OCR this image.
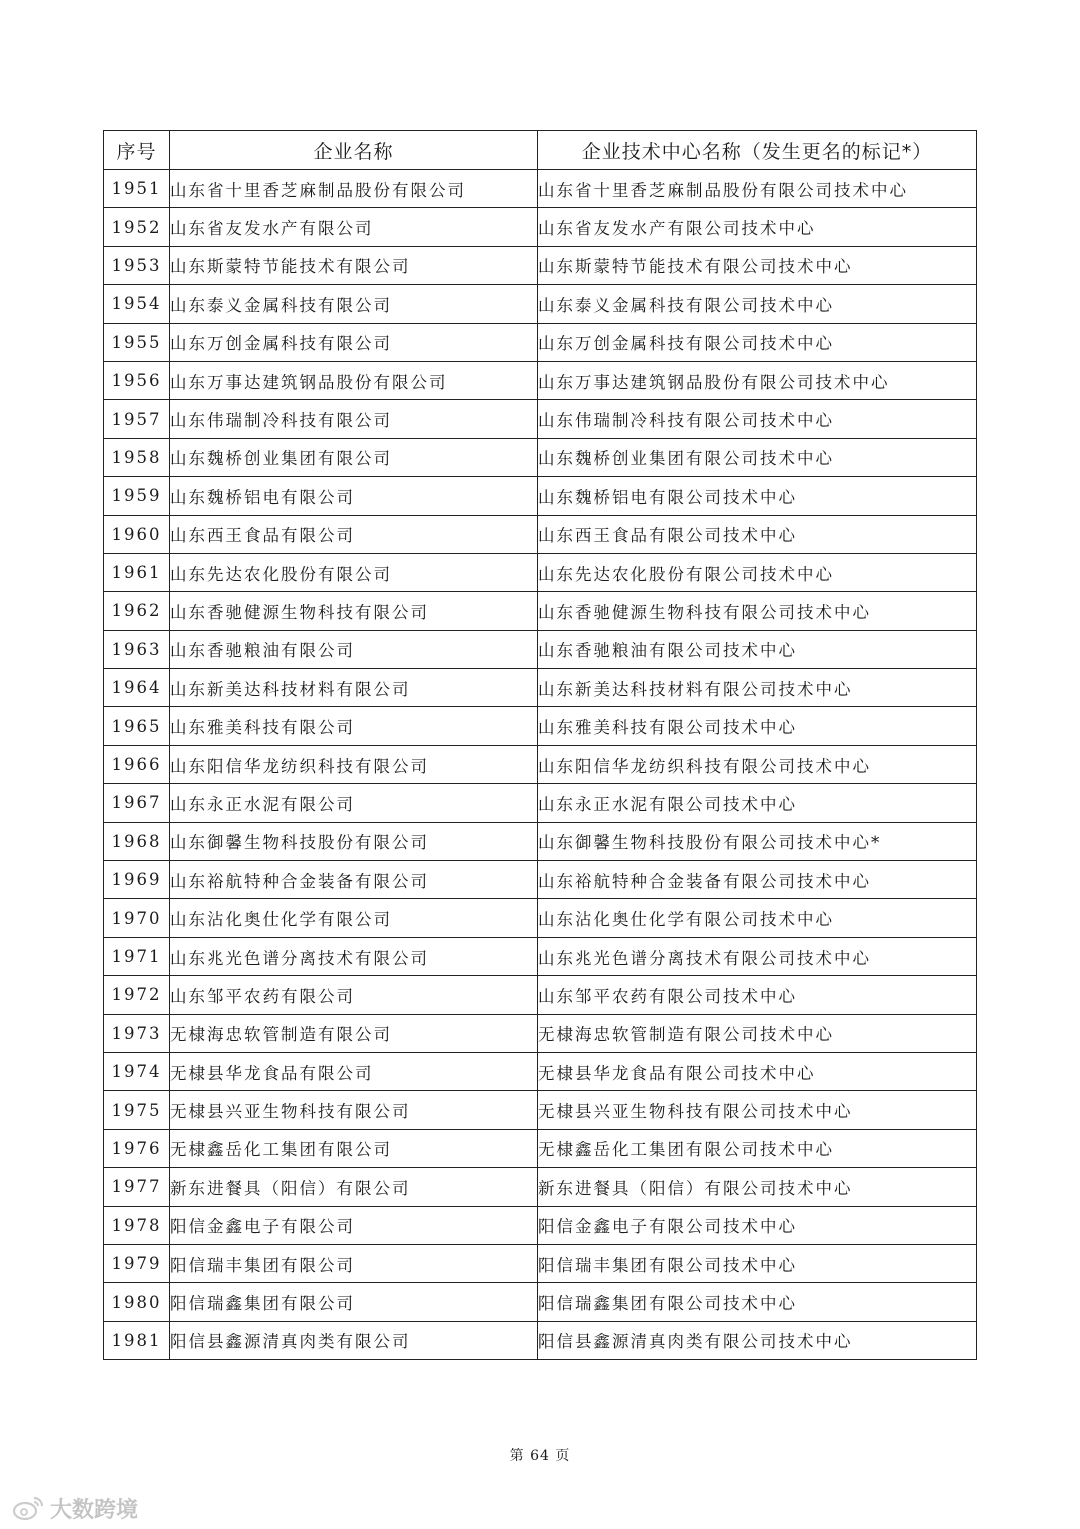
序号	企业名称	企业技术中心名称（发生更名的标记*）
1951	山东省十里香芝麻制品股份有限公司	山东省十里香芝麻制品股份有限公司技术中心
1952	山东省友发水产有限公司	山东省友发水产有限公司技术中心
1953	山东斯蒙特节能技术有限公司	山东斯蒙特节能技术有限公司技术中心
1954	山东泰义金属科技有限公司	山东泰义金属科技有限公司技术中心
1955	山东万创金属科技有限公司	山东万创金属科技有限公司技术中心
1956	山东万事达建筑钢品股份有限公司	山东万事达建筑钢品股份有限公司技术中心
1957	山东伟瑞制冷科技有限公司	山东伟瑞制冷科技有限公司技术中心
1958	山东魏桥创业集团有限公司	山东魏桥创业集团有限公司技术中心
1959	山东魏桥铝电有限公司	山东魏桥铝电有限公司技术中心
1960	山东西王食品有限公司	山东西王食品有限公司技术中心
1961	山东先达农化股份有限公司	山东先达农化股份有限公司技术中心
1962	山东香驰健源生物科技有限公司	山东香驰健源生物科技有限公司技术中心
1963	山东香驰粮油有限公司	山东香驰粮油有限公司技术中心
1964	山东新美达科技材料有限公司	山东新美达科技材料有限公司技术中心
1965	山东雅美科技有限公司	山东雅美科技有限公司技术中心
1966	山东阳信华龙纺织科技有限公司	山东阳信华龙纺织科技有限公司技术中心
1967	山东永正水泥有限公司	山东永正水泥有限公司技术中心
1968	山东御馨生物科技股份有限公司	山东御馨生物科技股份有限公司技术中心*
1969	山东裕航特种合金装备有限公司	山东裕航特种合金装备有限公司技术中心
1970	山东沾化奥仕化学有限公司	山东沾化奥仕化学有限公司技术中心
1971	山东兆光色谱分离技术有限公司	山东兆光色谱分离技术有限公司技术中心
1972	山东邹平农药有限公司	山东邹平农药有限公司技术中心
1973	无棣海忠软管制造有限公司	无棣海忠软管制造有限公司技术中心
1974	无棣县华龙食品有限公司	无棣县华龙食品有限公司技术中心
1975	无棣县兴亚生物科技有限公司	无棣县兴亚生物科技有限公司技术中心
1976	无棣鑫岳化工集团有限公司	无棣鑫岳化工集团有限公司技术中心
1977	新东进餐具（阳信）有限公司	新东进餐具（阳信）有限公司技术中心
1978	阳信金鑫电子有限公司	阳信金鑫电子有限公司技术中心
1979	阳信瑞丰集团有限公司	阳信瑞丰集团有限公司技术中心
1980	阳信瑞鑫集团有限公司	阳信瑞鑫集团有限公司技术中心
1981	阳信县鑫源清真肉类有限公司	阳信县鑫源清真肉类有限公司技术中心
第 64 页
大数跨境
